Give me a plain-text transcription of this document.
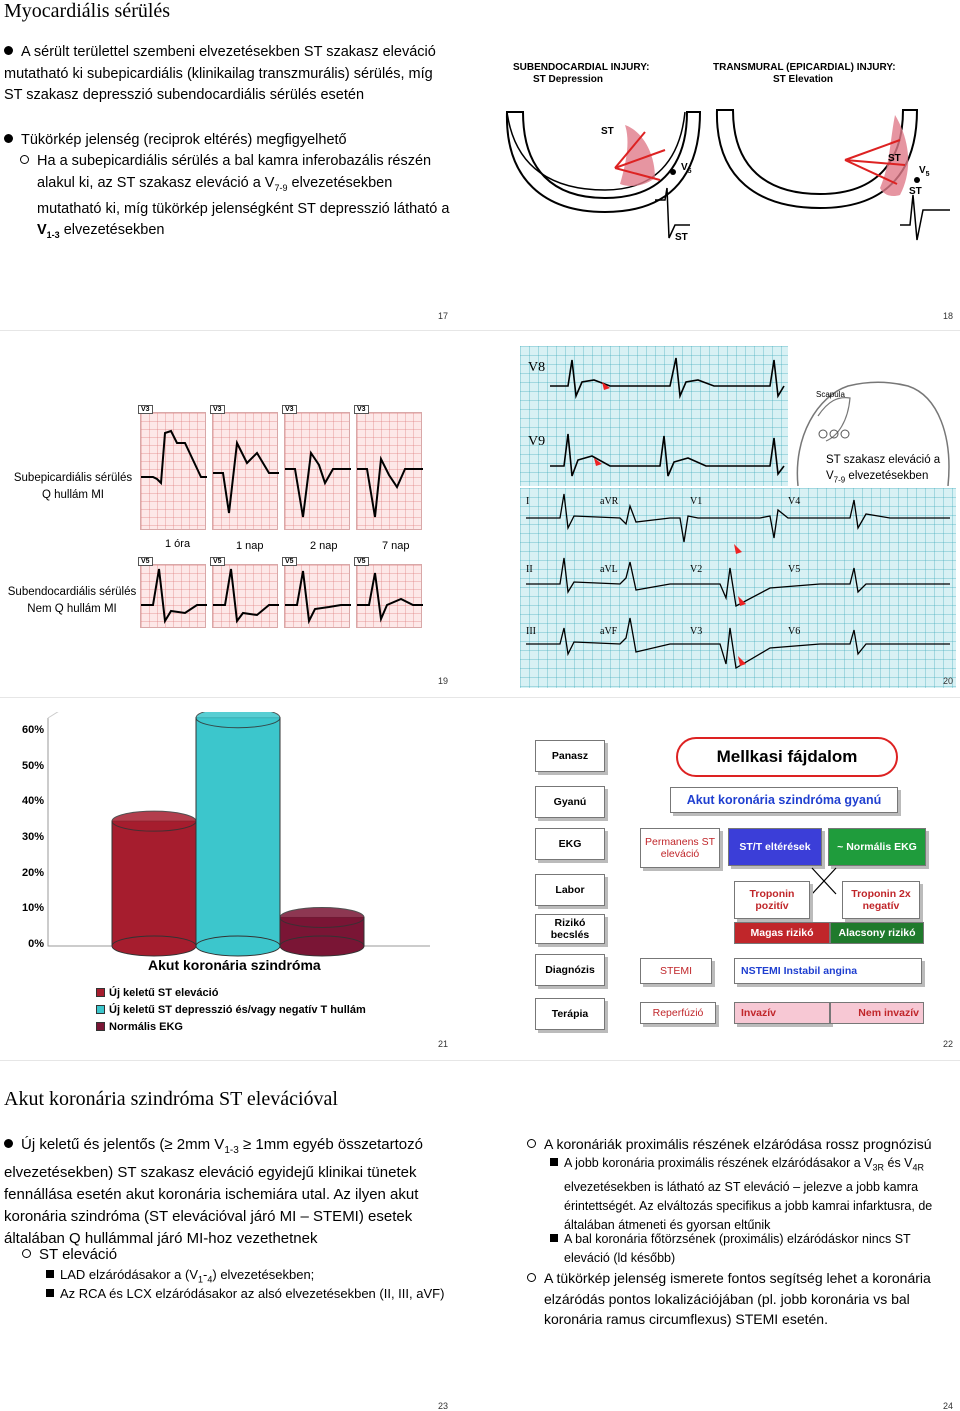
Myocardiális sérülés
A sérült területtel szembeni elvezetésekben ST szakasz eleváció mutatható ki subepicardiális (klinikailag transzmurális) sérülés, míg ST szakasz depresszió subendocardiális sérülés esetén
Tükörkép jelenség (reciprok eltérés) megfigyelhető
Ha a subepicardiális sérülés a bal kamra inferobazális részén alakul ki, az ST szakasz eleváció a $V_{7-9}$ elvezetésekben mutatható ki, míg tükörkép jelenségként ST depresszió látható a
$V_{1-3}$ elvezetésekben
SUBENDOCARDIAL INJURY:
ST Depression
TRANSMURAL (EPICARDIAL) INJURY:
ST Elevation
ST
$V_5$
ST
ST
$V_5$
ST
17	18
Subepicardiális sérülés
Q hullám MI
Subendocardiális sérülés
Nem Q hullám MI
V3	V3	V3	V3
1 óra	1 nap	2 nap	7 nap
V5	V5	V5	V5
19
V8
V9
Scapula
ST szakasz eleváció a
$V_{7-9}$ elvezetésekben
I	aVR	V1	V4
II	aVL	V2	V5
III	aVF	V3	V6
20
0%
10%
20%
30%
40%
50%
60%
Akut koronária szindróma
Új keletű ST eleváció
Új keletű ST depresszió és/vagy negatív T hullám
Normális EKG
21
Panasz
Gyanú
EKG
Labor
Rizikó becslés
Diagnózis
Terápia
Mellkasi fájdalom
Akut koronária szindróma gyanú
Permanens ST eleváció
ST/T eltérések	~ Normális EKG
Troponin pozitív
Troponin 2x negatív
Magas rizikó Alacsony rizikó
STEMI	NSTEMI Instabil angina
Reperfúzió	Invazív	Nem invazív
22
Akut koronária szindróma ST elevációval
Új keletű és jelentős (≥ 2mm $V_{1-3} \ge 1mm$ egyéb összetartozó elvezetésekben) ST szakasz eleváció egyidejű klinikai tünetek fennállása esetén akut koronária ischemiára utal. Az ilyen akut koronária szindróma (ST elevációval járó MI – STEMI) esetek általában Q hullámmal járó MI-hoz vezethetnek
ST eleváció
LAD elzáródásakor a $(V_1-_4)$ elvezetésekben;
Az RCA és LCX elzáródásakor az alsó elvezetésekben (II, III, aVF)
A koronáriák proximális részének elzáródása rossz prognózisú
A jobb koronária proximális részének elzáródásakor a $V_{3R}$ és $V_{4R}$ elvezetésekben is látható az ST eleváció – jelezve a jobb kamra érintettségét. Az elváltozás specifikus a jobb kamrai infarktusra, de általában átmeneti és gyorsan eltűnik
A bal koronária főtörzsének (proximális) elzáródáskor nincs ST eleváció (ld később)
A tükörkép jelenség ismerete fontos segítség lehet a koronária elzáródás pontos lokalizációjában (pl. jobb koronária vs bal koronária ramus circumflexus) STEMI esetén.
23	24
